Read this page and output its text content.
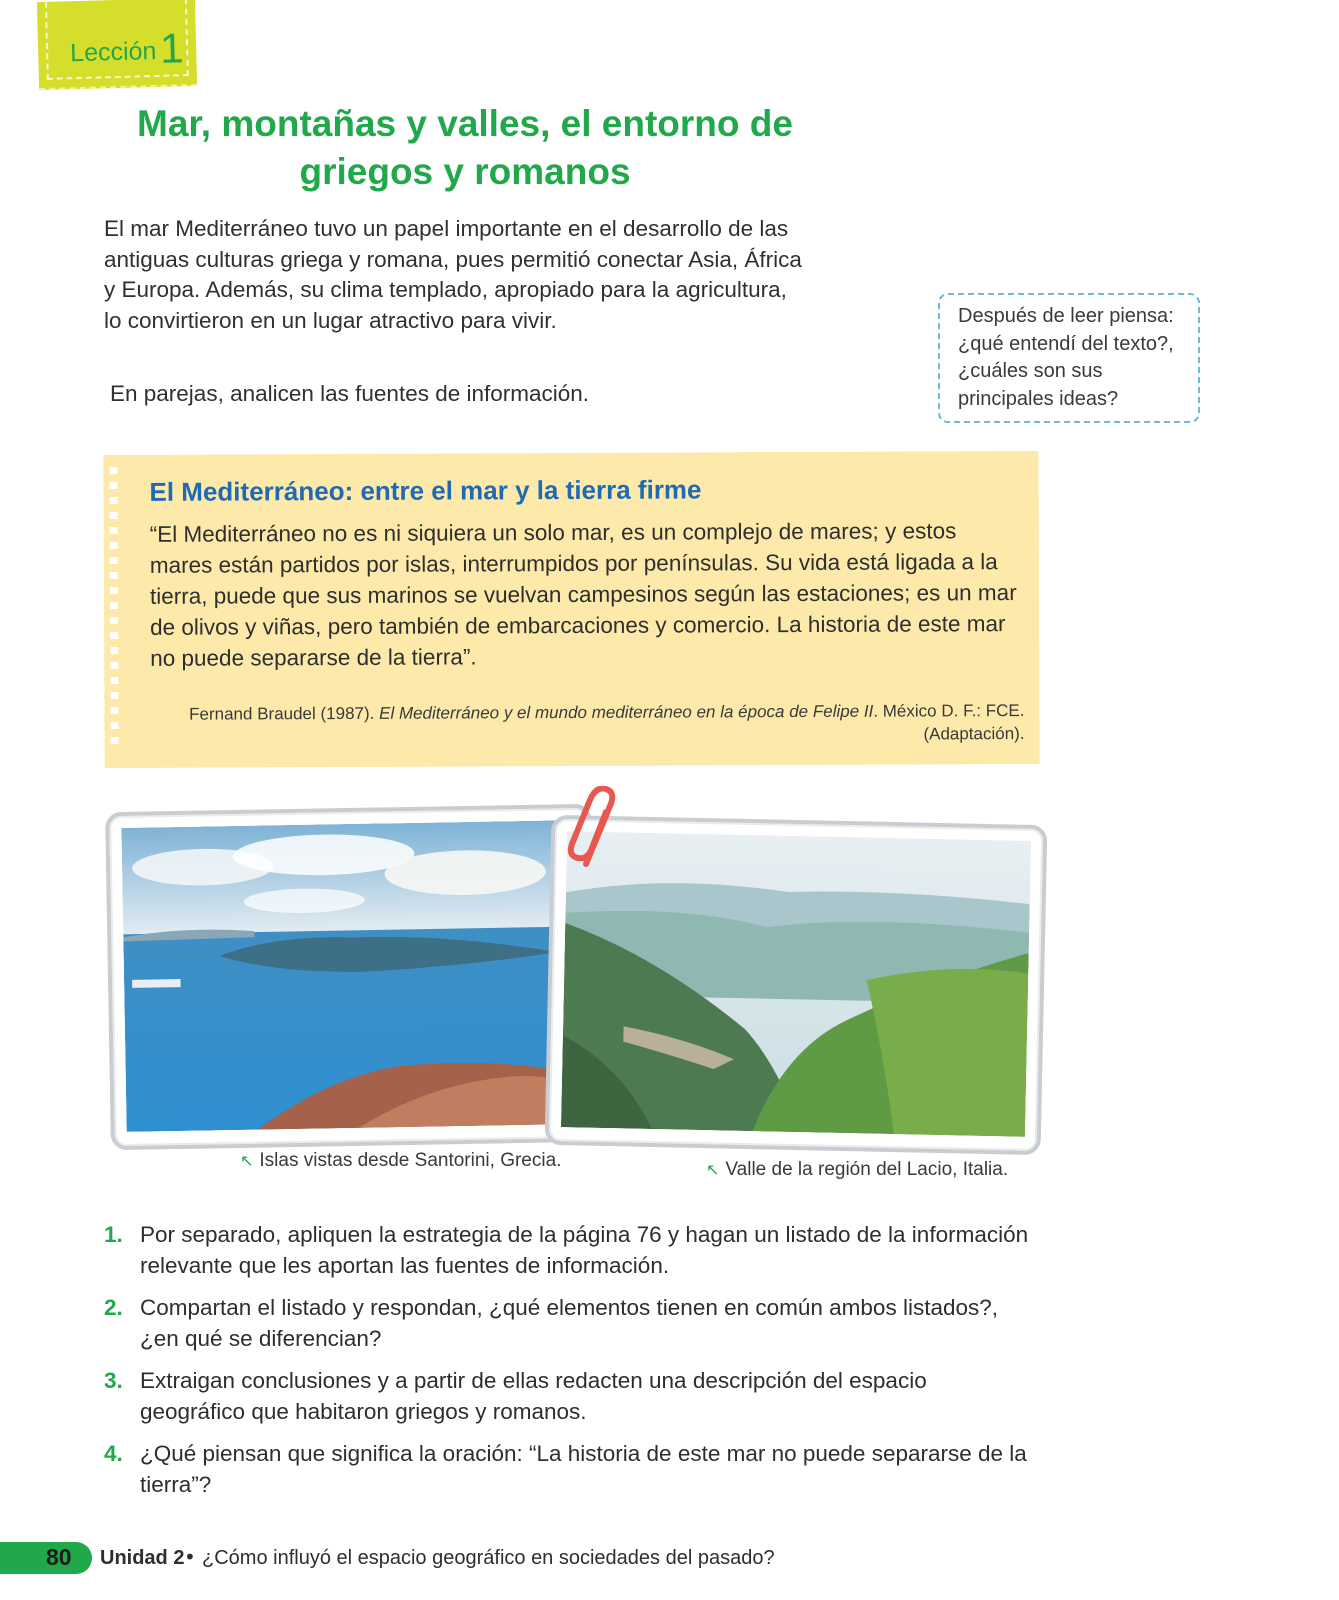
Lección 1
Mar, montañas y valles, el entorno de griegos y romanos

El mar Mediterráneo tuvo un papel importante en el desarrollo de las antiguas culturas griega y romana, pues permitió conectar Asia, África y Europa. Además, su clima templado, apropiado para la agricultura, lo convirtieron en un lugar atractivo para vivir.

En parejas, analicen las fuentes de información.

Después de leer piensa: ¿qué entendí del texto?, ¿cuáles son sus principales ideas?
El Mediterráneo: entre el mar y la tierra firme

“El Mediterráneo no es ni siquiera un solo mar, es un complejo de mares; y estos mares están partidos por islas, interrumpidos por penínsulas. Su vida está ligada a la tierra, puede que sus marinos se vuelvan campesinos según las estaciones; es un mar de olivos y viñas, pero también de embarcaciones y comercio. La historia de este mar no puede separarse de la tierra”.

Fernand Braudel (1987). El Mediterráneo y el mundo mediterráneo en la época de Felipe II. México D. F.: FCE. (Adaptación).

↖ Islas vistas desde Santorini, Grecia.	↖ Valle de la región del Lacio, Italia.

1. Por separado, apliquen la estrategia de la página 76 y hagan un listado de la información relevante que les aportan las fuentes de información.
2. Compartan el listado y respondan, ¿qué elementos tienen en común ambos listados?, ¿en qué se diferencian?
3. Extraigan conclusiones y a partir de ellas redacten una descripción del espacio geográfico que habitaron griegos y romanos.
4. ¿Qué piensan que significa la oración: “La historia de este mar no puede separarse de la tierra”?
80 Unidad 2 • ¿Cómo influyó el espacio geográfico en sociedades del pasado?
